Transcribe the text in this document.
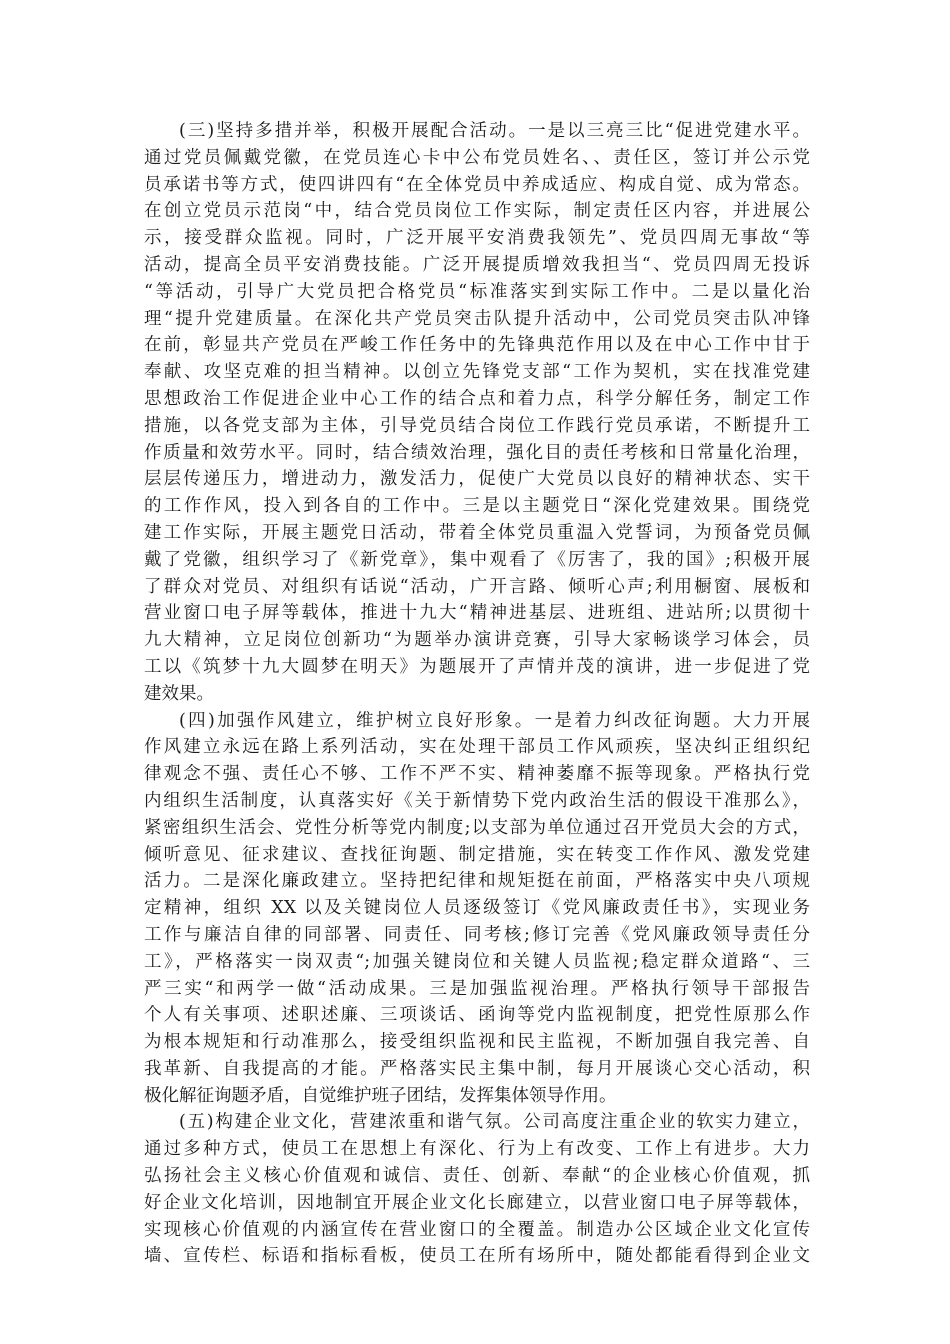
(三)坚持多措并举，积极开展配合活动。一是以三亮三比“促进党建水平。
通过党员佩戴党徽，在党员连心卡中公布党员姓名、、责任区，签订并公示党
员承诺书等方式，使四讲四有“在全体党员中养成适应、构成自觉、成为常态。
在创立党员示范岗“中，结合党员岗位工作实际，制定责任区内容，并进展公
示，接受群众监视。同时，广泛开展平安消费我领先”、党员四周无事故“等
活动，提高全员平安消费技能。广泛开展提质增效我担当“、党员四周无投诉
“等活动，引导广大党员把合格党员“标准落实到实际工作中。二是以量化治
理“提升党建质量。在深化共产党员突击队提升活动中，公司党员突击队冲锋
在前，彰显共产党员在严峻工作任务中的先锋典范作用以及在中心工作中甘于
奉献、攻坚克难的担当精神。以创立先锋党支部“工作为契机，实在找准党建
思想政治工作促进企业中心工作的结合点和着力点，科学分解任务，制定工作
措施，以各党支部为主体，引导党员结合岗位工作践行党员承诺，不断提升工
作质量和效劳水平。同时，结合绩效治理，强化目的责任考核和日常量化治理，
层层传递压力，增进动力，激发活力，促使广大党员以良好的精神状态、实干
的工作作风，投入到各自的工作中。三是以主题党日“深化党建效果。围绕党
建工作实际，开展主题党日活动，带着全体党员重温入党誓词，为预备党员佩
戴了党徽，组织学习了《新党章》，集中观看了《厉害了，我的国》;积极开展
了群众对党员、对组织有话说“活动，广开言路、倾听心声;利用橱窗、展板和
营业窗口电子屏等载体，推进十九大“精神进基层、进班组、进站所;以贯彻十
九大精神，立足岗位创新功“为题举办演讲竞赛，引导大家畅谈学习体会，员
工以《筑梦十九大圆梦在明天》为题展开了声情并茂的演讲，进一步促进了党
建效果。
(四)加强作风建立，维护树立良好形象。一是着力纠改征询题。大力开展
作风建立永远在路上系列活动，实在处理干部员工作风顽疾，坚决纠正组织纪
律观念不强、责任心不够、工作不严不实、精神萎靡不振等现象。严格执行党
内组织生活制度，认真落实好《关于新情势下党内政治生活的假设干准那么》，
紧密组织生活会、党性分析等党内制度;以支部为单位通过召开党员大会的方式，
倾听意见、征求建议、查找征询题、制定措施，实在转变工作作风、激发党建
活力。二是深化廉政建立。坚持把纪律和规矩挺在前面，严格落实中央八项规
定精神，组织 XX 以及关键岗位人员逐级签订《党风廉政责任书》，实现业务
工作与廉洁自律的同部署、同责任、同考核;修订完善《党风廉政领导责任分
工》，严格落实一岗双责“;加强关键岗位和关键人员监视;稳定群众道路“、三
严三实“和两学一做“活动成果。三是加强监视治理。严格执行领导干部报告
个人有关事项、述职述廉、三项谈话、函询等党内监视制度，把党性原那么作
为根本规矩和行动准那么，接受组织监视和民主监视，不断加强自我完善、自
我革新、自我提高的才能。严格落实民主集中制，每月开展谈心交心活动，积
极化解征询题矛盾，自觉维护班子团结，发挥集体领导作用。
(五)构建企业文化，营建浓重和谐气氛。公司高度注重企业的软实力建立，
通过多种方式，使员工在思想上有深化、行为上有改变、工作上有进步。大力
弘扬社会主义核心价值观和诚信、责任、创新、奉献“的企业核心价值观，抓
好企业文化培训，因地制宜开展企业文化长廊建立，以营业窗口电子屏等载体，
实现核心价值观的内涵宣传在营业窗口的全覆盖。制造办公区域企业文化宣传
墙、宣传栏、标语和指标看板，使员工在所有场所中，随处都能看得到企业文
